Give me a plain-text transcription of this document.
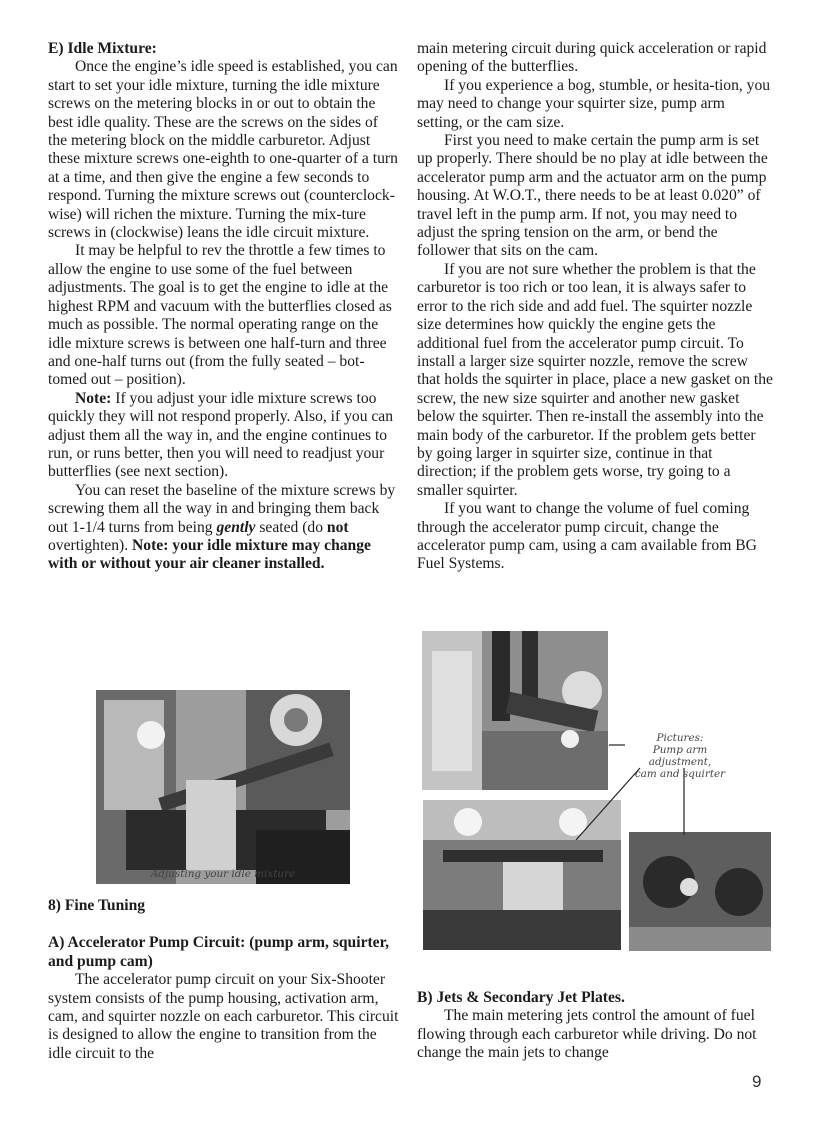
E) Idle Mixture:

Once the engine’s idle speed is established, you can start to set your idle mixture, turning the idle mixture screws on the metering blocks in or out to obtain the best idle quality. These are the screws on the sides of the metering block on the middle carburetor. Adjust these mixture screws one-eighth to one-quarter of a turn at a time, and then give the engine a few seconds to respond. Turning the mixture screws out (counterclock-wise) will richen the mixture. Turning the mix-ture screws in (clockwise) leans the idle circuit mixture.

It may be helpful to rev the throttle a few times to allow the engine to use some of the fuel between adjustments. The goal is to get the engine to idle at the highest RPM and vacuum with the butterflies closed as much as possible. The normal operating range on the idle mixture screws is between one half-turn and three and one-half turns out (from the fully seated – bot-tomed out – position).

Note: If you adjust your idle mixture screws too quickly they will not respond properly. Also, if you can adjust them all the way in, and the engine continues to run, or runs better, then you will need to readjust your butterflies (see next section).

You can reset the baseline of the mixture screws by screwing them all the way in and bringing them back out 1-1/4 turns from being gently seated (do not overtighten). Note: your idle mixture may change with or without your air cleaner installed.

Adjusting your idle mixture

8) Fine Tuning

A) Accelerator Pump Circuit: (pump arm, squirter, and pump cam)

The accelerator pump circuit on your Six-Shooter system consists of the pump housing, activation arm, cam, and squirter nozzle on each carburetor. This circuit is designed to allow the engine to transition from the idle circuit to the

main metering circuit during quick acceleration or rapid opening of the butterflies.

If you experience a bog, stumble, or hesita-tion, you may need to change your squirter size, pump arm setting, or the cam size.

First you need to make certain the pump arm is set up properly. There should be no play at idle between the accelerator pump arm and the actuator arm on the pump housing. At W.O.T., there needs to be at least 0.020” of travel left in the pump arm. If not, you may need to adjust the spring tension on the arm, or bend the follower that sits on the cam.

If you are not sure whether the problem is that the carburetor is too rich or too lean, it is always safer to error to the rich side and add fuel. The squirter nozzle size determines how quickly the engine gets the additional fuel from the accelerator pump circuit. To install a larger size squirter nozzle, remove the screw that holds the squirter in place, place a new gasket on the screw, the new size squirter and another new gasket below the squirter. Then re-install the assembly into the main body of the carburetor. If the problem gets better by going larger in squirter size, continue in that direction; if the problem gets worse, try going to a smaller squirter.

If you want to change the volume of fuel coming through the accelerator pump circuit, change the accelerator pump cam, using a cam available from BG Fuel Systems.

Pictures:
Pump arm adjustment,
cam and squirter

B) Jets & Secondary Jet Plates.

The main metering jets control the amount of fuel flowing through each carburetor while driving. Do not change the main jets to change

9
